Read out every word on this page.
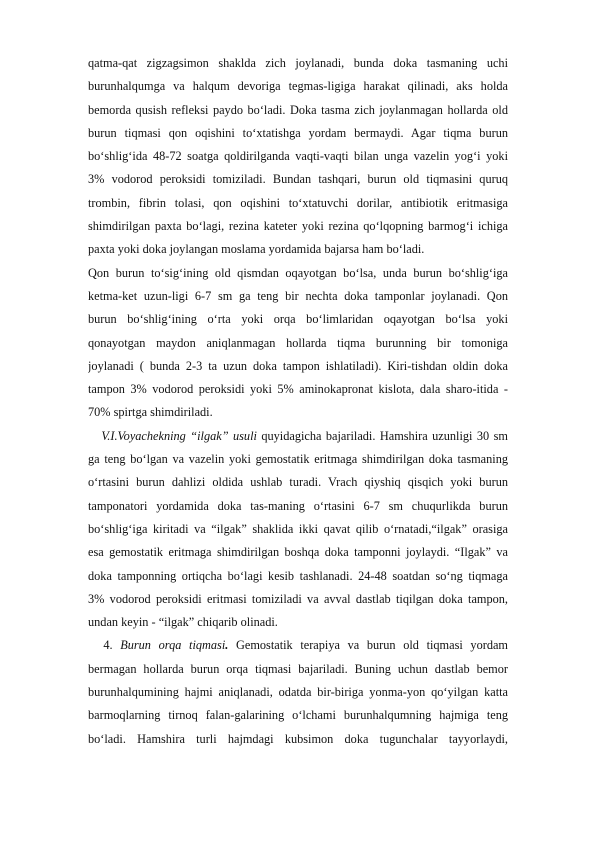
qatma-qat zigzagsimon shaklda zich joylanadi, bunda doka tasmaning uchi
burunhalqumga va halqum devoriga tegmas-ligiga harakat qilinadi, aks holda
bemorda qusish refleksi paydo bo‘ladi. Doka tasma zich joylanmagan hollarda old
burun tiqmasi qon oqishini to‘xtatishga yordam bermaydi. Agar tiqma burun
bo‘shlig‘ida 48-72 soatga qoldirilganda vaqti-vaqti bilan unga vazelin yog‘i yoki
3% vodorod peroksidi tomiziladi. Bundan tashqari, burun old tiqmasini quruq
trombin, fibrin tolasi, qon oqishini to‘xtatuvchi dorilar, antibiotik eritmasiga
shimdirilgan paxta bo‘lagi, rezina kateter yoki rezina qo‘lqopning barmog‘i ichiga
paxta yoki doka joylangan moslama yordamida bajarsa ham bo‘ladi.
Qon burun to‘sig‘ining old qismdan oqayotgan bo‘lsa, unda burun bo‘shlig‘iga
ketma-ket uzun-ligi 6-7 sm ga teng bir nechta doka tamponlar joylanadi. Qon
burun bo‘shlig‘ining o‘rta yoki orqa bo‘limlaridan oqayotgan bo‘lsa yoki
qonayotgan maydon aniqlanmagan hollarda tiqma burunning bir tomoniga
joylanadi ( bunda 2-3 ta uzun doka tampon ishlatiladi). Kiri-tishdan oldin doka
tampon 3% vodorod peroksidi yoki 5% aminokapronat kislota, dala sharo-itida -
70% spirtga shimdiriladi.
V.I.Voyachekning “ilgak” usuli quyidagicha bajariladi. Hamshira uzunligi 30 sm
ga teng bo‘lgan va vazelin yoki gemostatik eritmaga shimdirilgan doka tasmaning
o‘rtasini burun dahlizi oldida ushlab turadi. Vrach qiyshiq qisqich yoki burun
tamponatori yordamida doka tas-maning o‘rtasini 6-7 sm chuqurlikda burun
bo‘shlig‘iga kiritadi va “ilgak” shaklida ikki qavat qilib o‘rnatadi,“ilgak” orasiga
esa gemostatik eritmaga shimdirilgan boshqa doka tamponni joylaydi. “Ilgak” va
doka tamponning ortiqcha bo‘lagi kesib tashlanadi. 24-48 soatdan so‘ng tiqmaga
3% vodorod peroksidi eritmasi tomiziladi va avval dastlab tiqilgan doka tampon,
undan keyin - “ilgak” chiqarib olinadi.
4. Burun orqa tiqmasi. Gemostatik terapiya va burun old tiqmasi yordam
bermagan hollarda burun orqa tiqmasi bajariladi. Buning uchun dastlab bemor
burunhalqumining hajmi aniqlanadi, odatda bir-biriga yonma-yon qo‘yilgan katta
barmoqlarning tirnoq falan-galarining o‘lchami burunhalqumning hajmiga teng
bo‘ladi. Hamshira turli hajmdagi kubsimon doka tugunchalar tayyorlaydi,
